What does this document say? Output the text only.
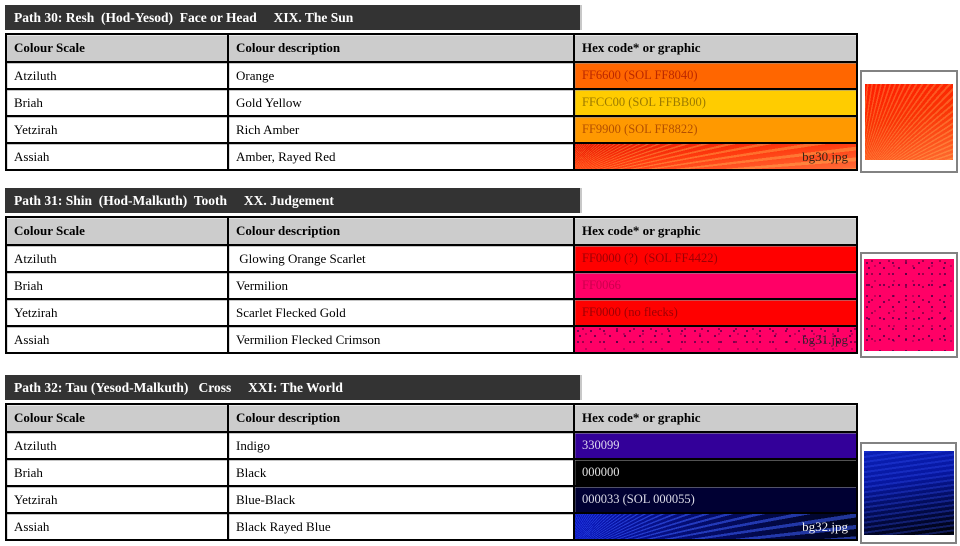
Path 30: Resh  (Hod-Yesod)  Face or Head     XIX. The Sun
Colour Scale	Colour description	Hex code* or graphic
Atziluth	Orange	FF6600 (SOL FF8040)
Briah	Gold Yellow	FFCC00 (SOL FFBB00)
Yetzirah	Rich Amber	FF9900 (SOL FF8822)
Assiah	Amber, Rayed Red	bg30.jpg
Path 31: Shin  (Hod-Malkuth)  Tooth     XX. Judgement
Colour Scale	Colour description	Hex code* or graphic
Atziluth	Glowing Orange Scarlet	FF0000 (?)  (SOL FF4422)
Briah	Vermilion	FF0066
Yetzirah	Scarlet Flecked Gold	FF0000 (no flecks)
Assiah	Vermilion Flecked Crimson	bg31.jpg
Path 32: Tau (Yesod-Malkuth)   Cross     XXI: The World
Colour Scale	Colour description	Hex code* or graphic
Atziluth	Indigo	330099
Briah	Black	000000
Yetzirah	Blue-Black	000033 (SOL 000055)
Assiah	Black Rayed Blue	bg32.jpg
